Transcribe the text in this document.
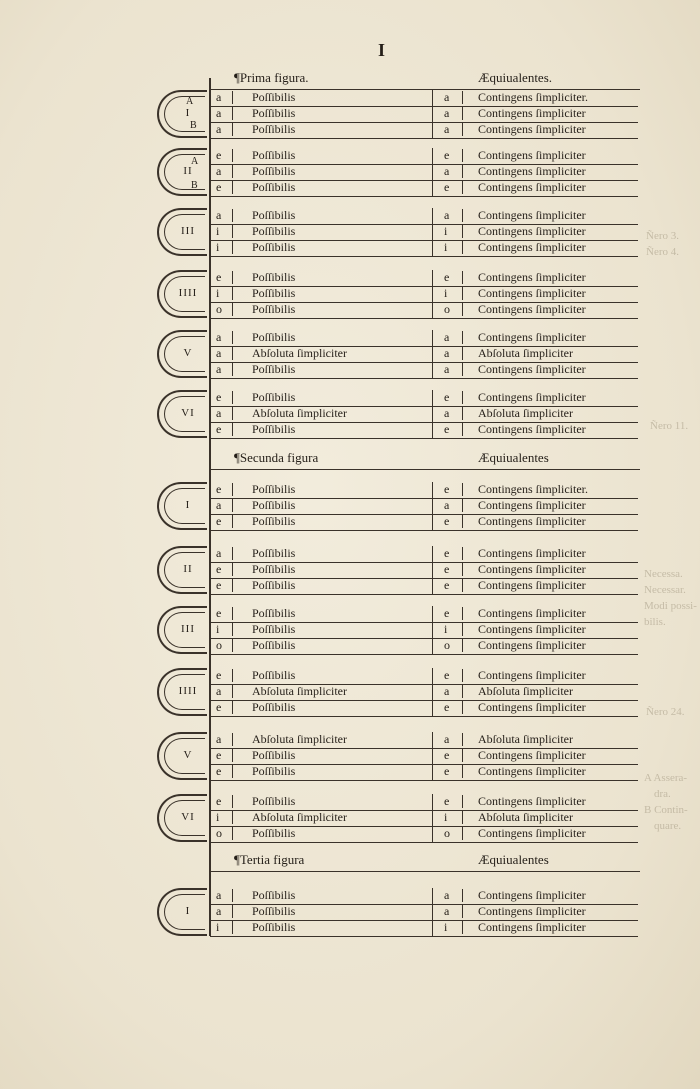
I
Ñero 3.
Ñero 4.
Ñero 11.
Necessa.
Necessar.
Modi possi-
bilis.
Ñero 24.
A Assera-
dra.
B Contin-
quare.
¶Prima figura.	Æquiualentes.
I
A
B
a	Poſſibilis	a Contingens ſimpliciter.
a	Poſſibilis	a Contingens ſimpliciter
a	Poſſibilis	a Contingens ſimpliciter
II
A
B
e	Poſſibilis	e Contingens ſimpliciter
a	Poſſibilis	a Contingens ſimpliciter
e	Poſſibilis	e Contingens ſimpliciter
III
a	Poſſibilis	a Contingens ſimpliciter
i	Poſſibilis	i	Contingens ſimpliciter
i	Poſſibilis	i	Contingens ſimpliciter
IIII
e	Poſſibilis	e Contingens ſimpliciter
i	Poſſibilis	i	Contingens ſimpliciter
o	Poſſibilis	o Contingens ſimpliciter
V
a	Poſſibilis	a Contingens ſimpliciter
a	Abſoluta ſimpliciter	a Abſoluta ſimpliciter
a	Poſſibilis	a Contingens ſimpliciter
VI
e	Poſſibilis	e Contingens ſimpliciter
a	Abſoluta ſimpliciter	a Abſoluta ſimpliciter
e	Poſſibilis	e Contingens ſimpliciter
¶Secunda figura	Æquiualentes
I
e	Poſſibilis	e Contingens ſimpliciter.
a	Poſſibilis	a Contingens ſimpliciter
e	Poſſibilis	e Contingens ſimpliciter
II
a	Poſſibilis	e Contingens ſimpliciter
e	Poſſibilis	e Contingens ſimpliciter
e	Poſſibilis	e Contingens ſimpliciter
III
e	Poſſibilis	e Contingens ſimpliciter
i	Poſſibilis	i	Contingens ſimpliciter
o	Poſſibilis	o Contingens ſimpliciter
IIII
e	Poſſibilis	e Contingens ſimpliciter
a	Abſoluta ſimpliciter	a Abſoluta ſimpliciter
e	Poſſibilis	e Contingens ſimpliciter
V
a	Abſoluta ſimpliciter	a Abſoluta ſimpliciter
e	Poſſibilis	e Contingens ſimpliciter
e	Poſſibilis	e Contingens ſimpliciter
VI
e	Poſſibilis	e Contingens ſimpliciter
i	Abſoluta ſimpliciter	i	Abſoluta ſimpliciter
o	Poſſibilis	o Contingens ſimpliciter
¶Tertia figura	Æquiualentes
I
a	Poſſibilis	a Contingens ſimpliciter
a	Poſſibilis	a Contingens ſimpliciter
i	Poſſibilis	i	Contingens ſimpliciter
